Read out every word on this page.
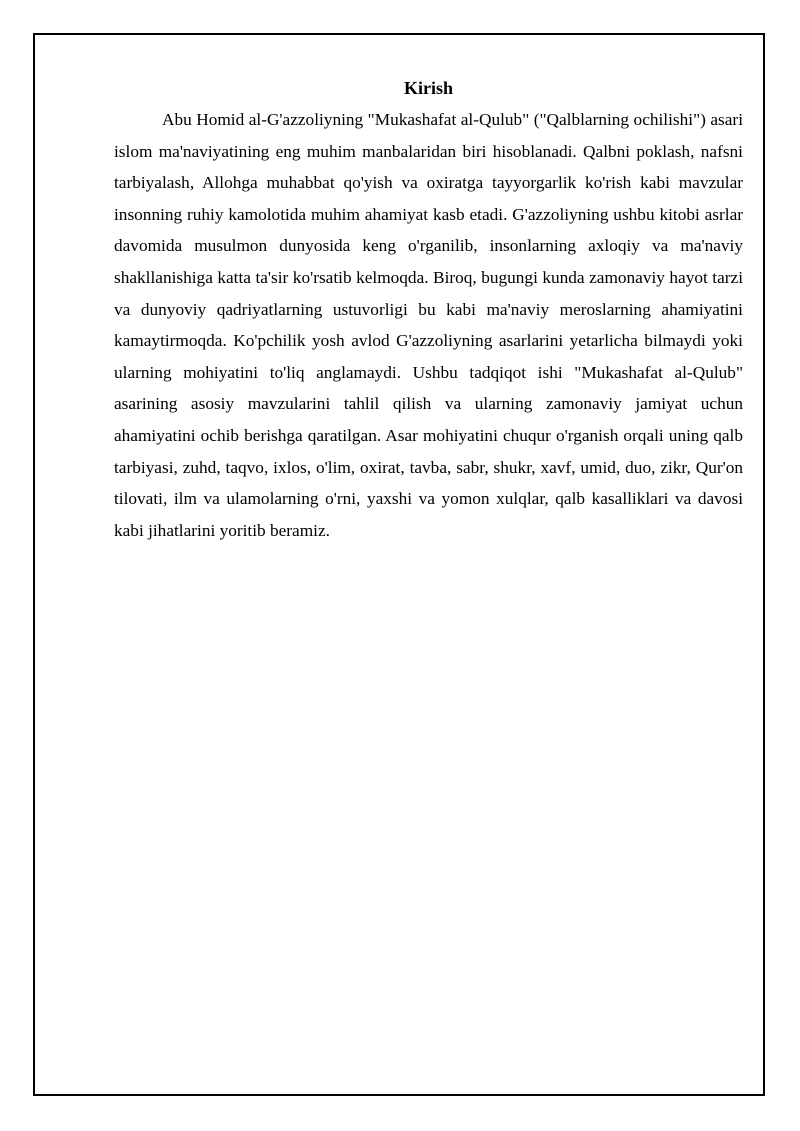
Kirish

Abu Homid al-G'azzoliyning "Mukashafat al-Qulub" ("Qalblarning ochilishi") asari islom ma'naviyatining eng muhim manbalaridan biri hisoblanadi. Qalbni poklash, nafsni tarbiyalash, Allohga muhabbat qo'yish va oxiratga tayyorgarlik ko'rish kabi mavzular insonning ruhiy kamolotida muhim ahamiyat kasb etadi. G'azzoliyning ushbu kitobi asrlar davomida musulmon dunyosida keng o'rganilib, insonlarning axloqiy va ma'naviy shakllanishiga katta ta'sir ko'rsatib kelmoqda. Biroq, bugungi kunda zamonaviy hayot tarzi va dunyoviy qadriyatlarning ustuvorligi bu kabi ma'naviy meroslarning ahamiyatini kamaytirmoqda. Ko'pchilik yosh avlod G'azzoliyning asarlarini yetarlicha bilmaydi yoki ularning mohiyatini to'liq anglamaydi. Ushbu tadqiqot ishi "Mukashafat al-Qulub" asarining asosiy mavzularini tahlil qilish va ularning zamonaviy jamiyat uchun ahamiyatini ochib berishga qaratilgan. Asar mohiyatini chuqur o'rganish orqali uning qalb tarbiyasi, zuhd, taqvo, ixlos, o'lim, oxirat, tavba, sabr, shukr, xavf, umid, duo, zikr, Qur'on tilovati, ilm va ulamolarning o'rni, yaxshi va yomon xulqlar, qalb kasalliklari va davosi kabi jihatlarini yoritib beramiz.
